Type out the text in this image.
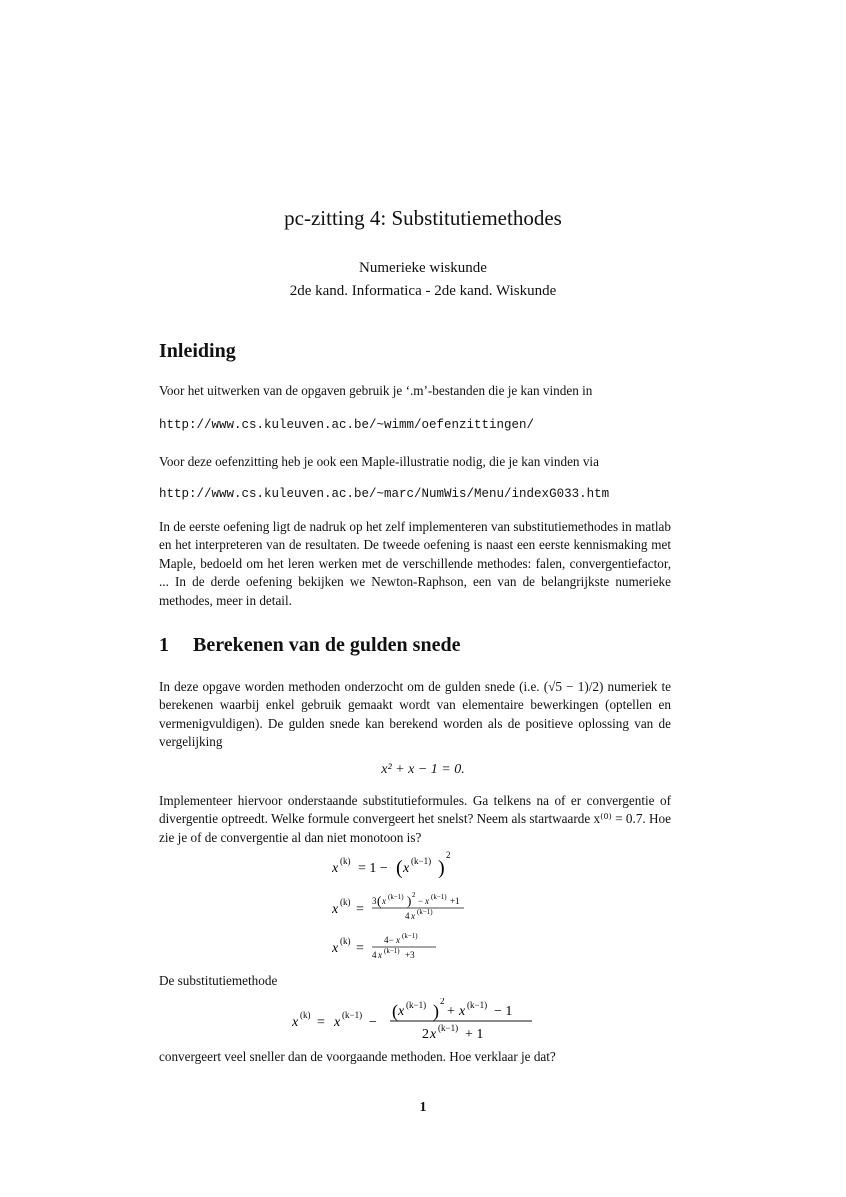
pc-zitting 4: Substitutiemethodes
Numerieke wiskunde
2de kand. Informatica - 2de kand. Wiskunde
Inleiding
Voor het uitwerken van de opgaven gebruik je ‘.m’-bestanden die je kan vinden in
http://www.cs.kuleuven.ac.be/~wimm/oefenzittingen/
Voor deze oefenzitting heb je ook een Maple-illustratie nodig, die je kan vinden via
http://www.cs.kuleuven.ac.be/~marc/NumWis/Menu/indexG033.htm
In de eerste oefening ligt de nadruk op het zelf implementeren van substitutiemethodes in matlab en het interpreteren van de resultaten. De tweede oefening is naast een eerste kennismaking met Maple, bedoeld om het leren werken met de verschillende methodes: falen, convergentiefactor, ... In de derde oefening bekijken we Newton-Raphson, een van de belangrijkste numerieke methodes, meer in detail.
1 Berekenen van de gulden snede
In deze opgave worden methoden onderzocht om de gulden snede (i.e. (√5 − 1)/2) numeriek te berekenen waarbij enkel gebruik gemaakt wordt van elementaire bewerkingen (optellen en vermenigvuldigen). De gulden snede kan berekend worden als de positieve oplossing van de vergelijking
x² + x − 1 = 0.
Implementeer hiervoor onderstaande substitutieformules. Ga telkens na of er convergentie of divergentie optreedt. Welke formule convergeert het snelst? Neem als startwaarde x⁽⁰⁾ = 0.7. Hoe zie je of de convergentie al dan niet monotoon is?
x (k) = 1 − ( x (k−1) )
2
x (k) =
3 ( x (k−1) ) 2
− x (k−1) +1
4 x (k−1)
x (k) =
4− x (k−1)
4 x (k−1) +3
De substitutiemethode
x (k) = x (k−1) −
( x (k−1) ) 2
+ x (k−1) − 1
2 x (k−1) + 1
convergeert veel sneller dan de voorgaande methoden. Hoe verklaar je dat?
1
